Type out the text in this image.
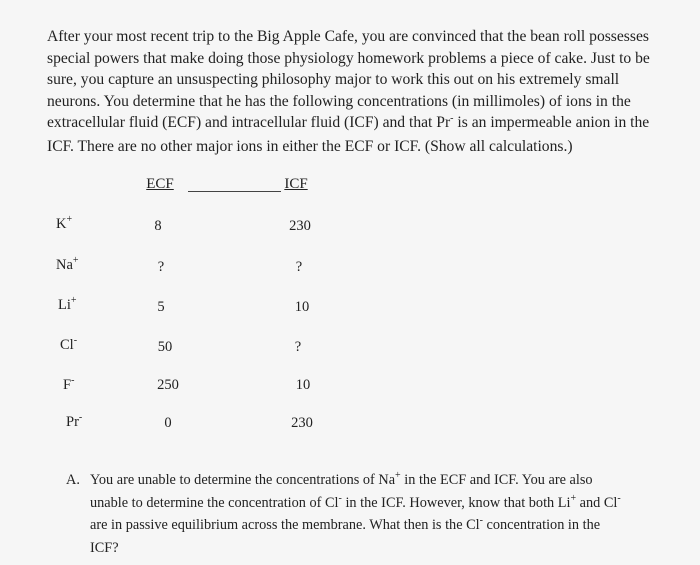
After your most recent trip to the Big Apple Cafe, you are convinced that the bean roll possesses
special powers that make doing those physiology homework problems a piece of cake. Just to be
sure, you capture an unsuspecting philosophy major to work this out on his extremely small
neurons. You determine that he has the following concentrations (in millimoles) of ions in the
extracellular fluid (ECF) and intracellular fluid (ICF) and that Pr- is an impermeable anion in the
ICF. There are no other major ions in either the ECF or ICF. (Show all calculations.)
ECF	ICF
K+	8	230
Na+	?	?
Li+	5	10
Cl-	50	?
F-	250	10
Pr-	0	230
A. You are unable to determine the concentrations of Na+ in the ECF and ICF. You are also
unable to determine the concentration of Cl- in the ICF. However, know that both Li+ and Cl-
are in passive equilibrium across the membrane. What then is the Cl- concentration in the
ICF?
